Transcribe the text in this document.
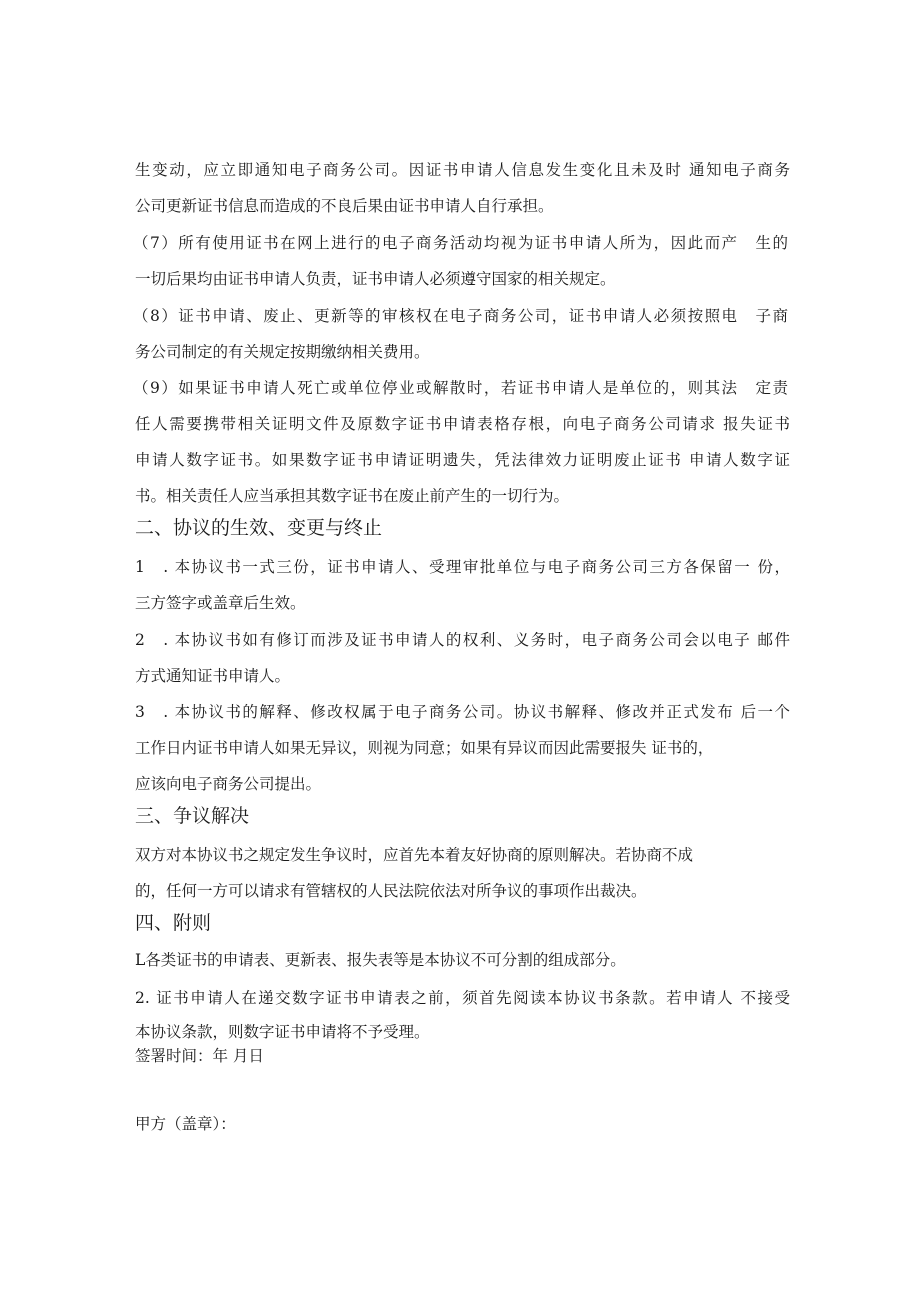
生变动，应立即通知电子商务公司。因证书申请人信息发生变化且未及时 通知电子商务
公司更新证书信息而造成的不良后果由证书申请人自行承担。
（7）所有使用证书在网上进行的电子商务活动均视为证书申请人所为，因此而产　生的
一切后果均由证书申请人负责，证书申请人必须遵守国家的相关规定。
（8）证书申请、废止、更新等的审核权在电子商务公司，证书申请人必须按照电　子商
务公司制定的有关规定按期缴纳相关费用。
（9）如果证书申请人死亡或单位停业或解散时，若证书申请人是单位的，则其法　定责
任人需要携带相关证明文件及原数字证书申请表格存根，向电子商务公司请求 报失证书
申请人数字证书。如果数字证书申请证明遗失，凭法律效力证明废止证书 申请人数字证
书。相关责任人应当承担其数字证书在废止前产生的一切行为。
二、协议的生效、变更与终止
1　. 本协议书一式三份，证书申请人、受理审批单位与电子商务公司三方各保留一 份，
三方签字或盖章后生效。
2　. 本协议书如有修订而涉及证书申请人的权利、义务时，电子商务公司会以电子 邮件
方式通知证书申请人。
3　. 本协议书的解释、修改权属于电子商务公司。协议书解释、修改并正式发布 后一个
工作日内证书申请人如果无异议，则视为同意；如果有异议而因此需要报失 证书的，
应该向电子商务公司提出。
三、争议解决
双方对本协议书之规定发生争议时，应首先本着友好协商的原则解决。若协商不成
的，任何一方可以请求有管辖权的人民法院依法对所争议的事项作出裁决。
四、附则
L各类证书的申请表、更新表、报失表等是本协议不可分割的组成部分。
2. 证书申请人在递交数字证书申请表之前，须首先阅读本协议书条款。若申请人 不接受
本协议条款，则数字证书申请将不予受理。
签署时间：年 月日
甲方（盖章）：
